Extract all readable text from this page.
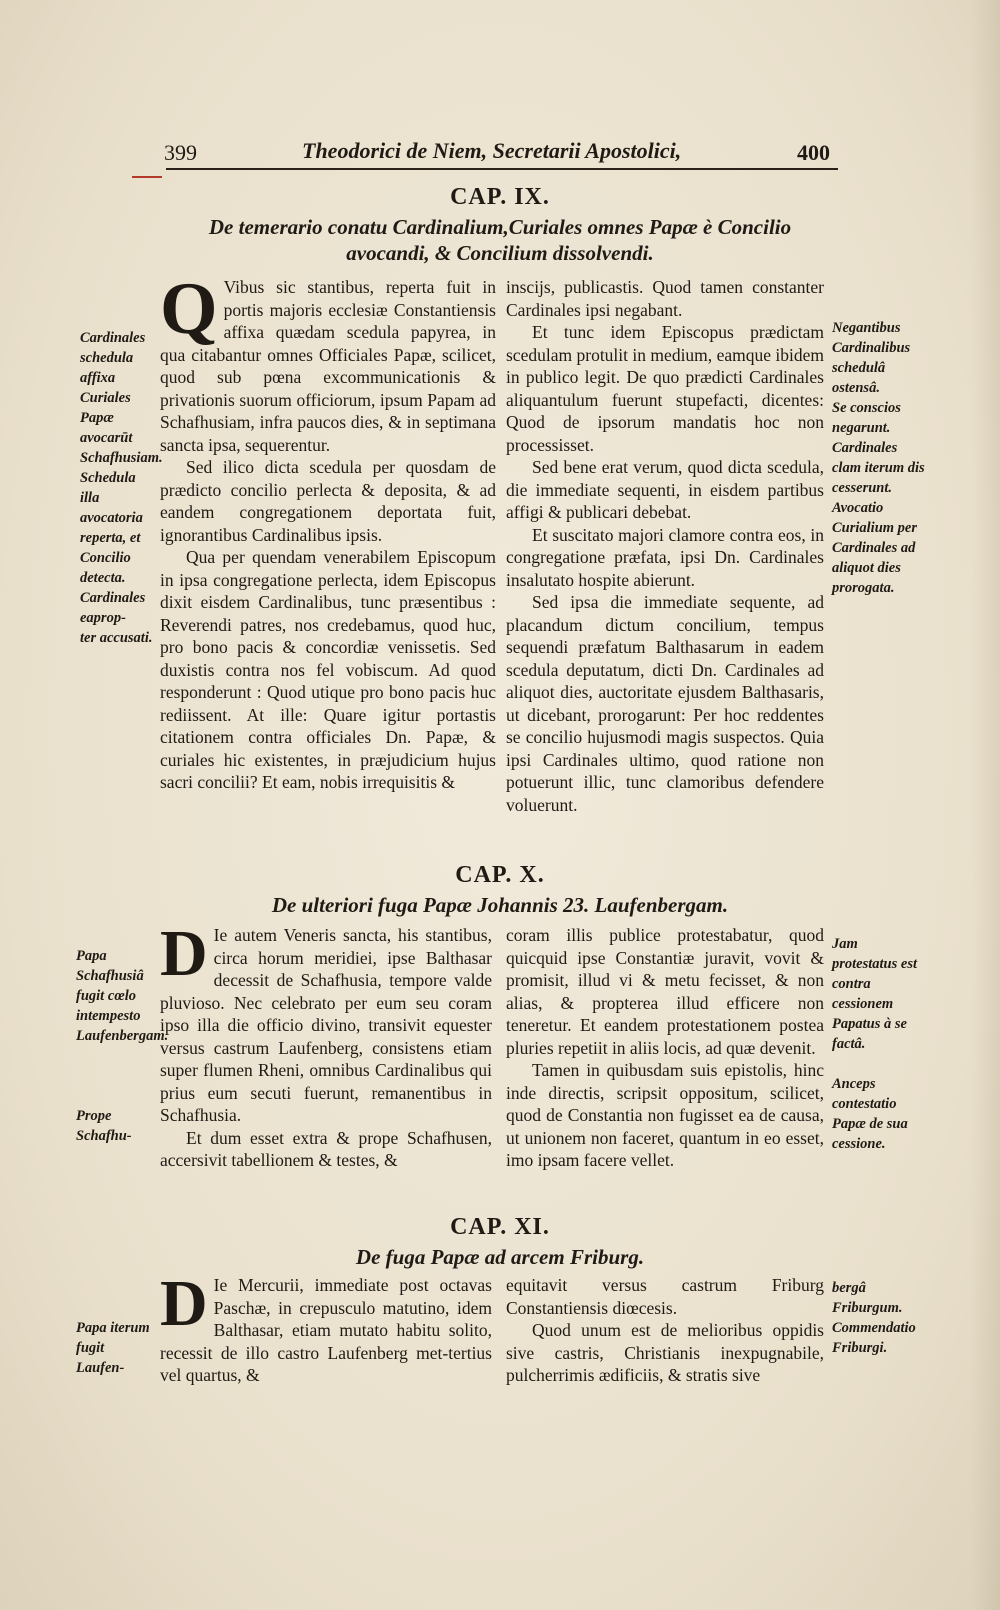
399	Theodorici de Niem, Secretarii Apostolici,	400
CAP. IX.
De temerario conatu Cardinalium,Curiales omnes Papæ è Concilio avocandi, & Concilium dissolvendi.
Cardinales schedula affixa Curiales Papæ avocarūt Schafhusiam.
Schedula illa avocatoria reperta, et Concilio detecta.
Cardinales eaprop-
ter accusati.
Q Vibus sic stantibus, reperta fuit in portis majoris ecclesiæ Constantiensis affixa quædam scedula papyrea, in qua citabantur omnes Officiales Papæ, scilicet, quod sub pœna excommunicationis & privationis suorum officiorum, ipsum Papam ad Schafhusiam, infra paucos dies, & in septimana sancta ipsa, sequerentur.

Sed ilico dicta scedula per quosdam de prædicto concilio perlecta & deposita, & ad eandem congregationem deportata fuit, ignorantibus Cardinalibus ipsis.

Qua per quendam venerabilem Episcopum in ipsa congregatione perlecta, idem Episcopus dixit eisdem Cardinalibus, tunc præsentibus : Reverendi patres, nos credebamus, quod huc, pro bono pacis & concordiæ venissetis. Sed duxistis contra nos fel vobiscum. Ad quod responderunt : Quod utique pro bono pacis huc rediissent. At ille: Quare igitur portastis citationem contra officiales Dn. Papæ, & curiales hic existentes, in præjudicium hujus sacri concilii? Et eam, nobis irrequisitis &

inscijs, publicastis. Quod tamen constanter Cardinales ipsi negabant.

Et tunc idem Episcopus prædictam scedulam protulit in medium, eamque ibidem in publico legit. De quo prædicti Cardinales aliquantulum fuerunt stupefacti, dicentes: Quod de ipsorum mandatis hoc non processisset.

Sed bene erat verum, quod dicta scedula, die immediate sequenti, in eisdem partibus affigi & publicari debebat.

Et suscitato majori clamore contra eos, in congregatione præfata, ipsi Dn. Cardinales insalutato hospite abierunt.

Sed ipsa die immediate sequente, ad placandum dictum concilium, tempus sequendi præfatum Balthasarum in eadem scedula deputatum, dicti Dn. Cardinales ad aliquot dies, auctoritate ejusdem Balthasaris, ut dicebant, prorogarunt: Per hoc reddentes se concilio hujusmodi magis suspectos. Quia ipsi Cardinales ultimo, quod ratione non potuerunt illic, tunc clamoribus defendere voluerunt.

Negantibus Cardinalibus schedulâ ostensâ.
Se conscios negarunt.
Cardinales clam iterum dis cesserunt.
Avocatio Curialium per Cardinales ad aliquot dies prorogata.
CAP. X.
De ulteriori fuga Papæ Johannis 23. Laufenbergam.
Papa Schafhusiâ fugit cœlo intempesto Laufenbergam.

Prope Schafhu-
D Ie autem Veneris sancta, his stantibus, circa horum meridiei, ipse Balthasar decessit de Schafhusia, tempore valde pluvioso. Nec celebrato per eum seu coram ipso illa die officio divino, transivit equester versus castrum Laufenberg, consistens etiam super flumen Rheni, omnibus Cardinalibus qui prius eum secuti fuerunt, remanentibus in Schafhusia.

Et dum esset extra & prope Schafhusen, accersivit tabellionem & testes, &

coram illis publice protestabatur, quod quicquid ipse Constantiæ juravit, vovit & promisit, illud vi & metu fecisset, & non alias, & propterea illud efficere non teneretur. Et eandem protestationem postea pluries repetiit in aliis locis, ad quæ devenit.

Tamen in quibusdam suis epistolis, hinc inde directis, scripsit oppositum, scilicet, quod de Constantia non fugisset ea de causa, ut unionem non faceret, quantum in eo esset, imo ipsam facere vellet.

Jam protestatus est contra cessionem Papatus à se factâ.

Anceps contestatio Papæ de sua cessione.
CAP. XI.
De fuga Papæ ad arcem Friburg.
Papa iterum fugit Laufen-
D Ie Mercurii, immediate post octavas Paschæ, in crepusculo matutino, idem Balthasar, etiam mutato habitu solito, recessit de illo castro Laufenberg met-tertius vel quartus, &

equitavit versus castrum Friburg Constantiensis diœcesis.

Quod unum est de melioribus oppidis sive castris, Christianis inexpugnabile, pulcherrimis ædificiis, & stratis sive

bergâ Friburgum.
Commendatio Friburgi.
